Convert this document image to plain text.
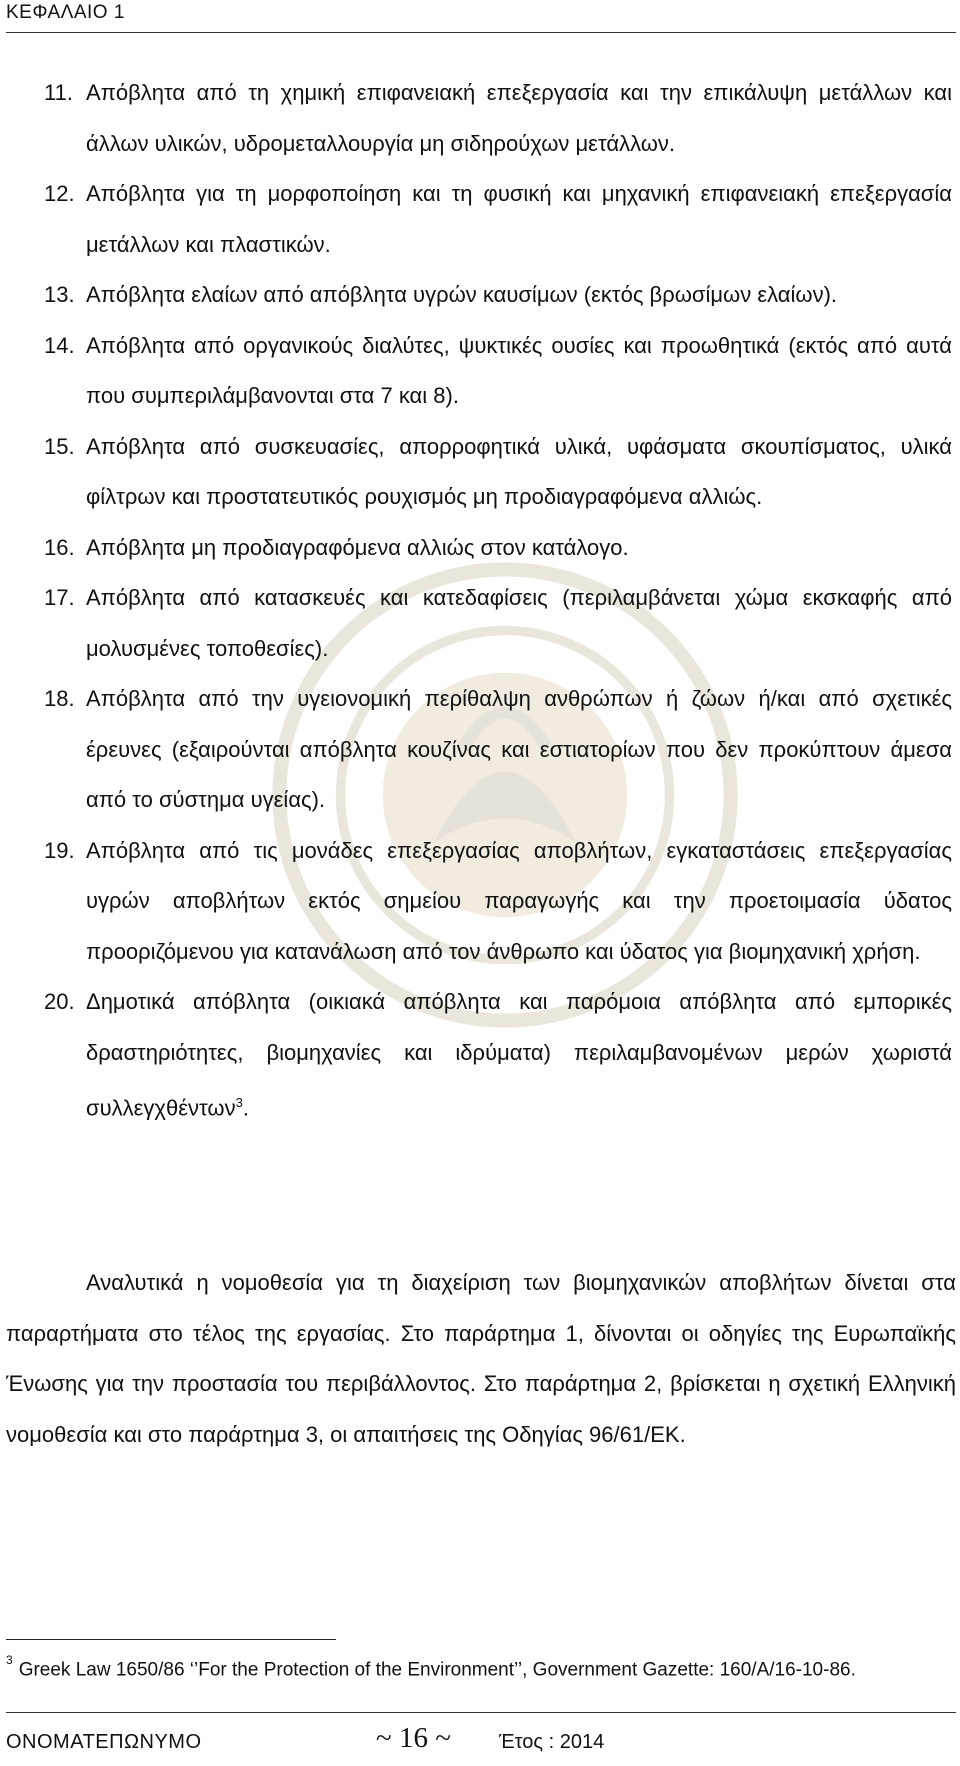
ΚΕΦΑΛΑΙΟ 1
11. Απόβλητα από τη χημική επιφανειακή επεξεργασία και την επικάλυψη μετάλλων και άλλων υλικών, υδρομεταλλουργία μη σιδηρούχων μετάλλων.
12. Απόβλητα για τη μορφοποίηση και τη φυσική και μηχανική επιφανειακή επεξεργασία μετάλλων και πλαστικών.
13. Απόβλητα ελαίων από απόβλητα υγρών καυσίμων (εκτός βρωσίμων ελαίων).
14. Απόβλητα από οργανικούς διαλύτες, ψυκτικές ουσίες και προωθητικά (εκτός από αυτά που συμπεριλάμβανονται στα 7 και 8).
15. Απόβλητα από συσκευασίες, απορροφητικά υλικά, υφάσματα σκουπίσματος, υλικά φίλτρων και προστατευτικός ρουχισμός μη προδιαγραφόμενα αλλιώς.
16. Απόβλητα μη προδιαγραφόμενα αλλιώς στον κατάλογο.
17. Απόβλητα από κατασκευές και κατεδαφίσεις (περιλαμβάνεται χώμα εκσκαφής από μολυσμένες τοποθεσίες).
18. Απόβλητα από την υγειονομική περίθαλψη ανθρώπων ή ζώων ή/και από σχετικές έρευνες (εξαιρούνται απόβλητα κουζίνας και εστιατορίων που δεν προκύπτουν άμεσα από το σύστημα υγείας).
19. Απόβλητα από τις μονάδες επεξεργασίας αποβλήτων, εγκαταστάσεις επεξεργασίας υγρών αποβλήτων εκτός σημείου παραγωγής και την προετοιμασία ύδατος προοριζόμενου για κατανάλωση από τον άνθρωπο και ύδατος για βιομηχανική χρήση.
20. Δημοτικά απόβλητα (οικιακά απόβλητα και παρόμοια απόβλητα από εμπορικές δραστηριότητες, βιομηχανίες και ιδρύματα) περιλαμβανομένων μερών χωριστά συλλεγχθέντων$^3$.

Αναλυτικά η νομοθεσία για τη διαχείριση των βιομηχανικών αποβλήτων δίνεται στα παραρτήματα στο τέλος της εργασίας. Στο παράρτημα 1, δίνονται οι οδηγίες της Ευρωπαϊκής Ένωσης για την προστασία του περιβάλλοντος. Στο παράρτημα 2, βρίσκεται η σχετική Ελληνική νομοθεσία και στο παράρτημα 3, οι απαιτήσεις της Οδηγίας 96/61/ΕΚ.

$^3$ Greek Law 1650/86 ‘’For the Protection of the Environment’’, Government Gazette: 160/A/16-10-86.
ΟΝΟΜΑΤΕΠΩΝΥΜΟ	~ 16 ~ Έτος : 2014
